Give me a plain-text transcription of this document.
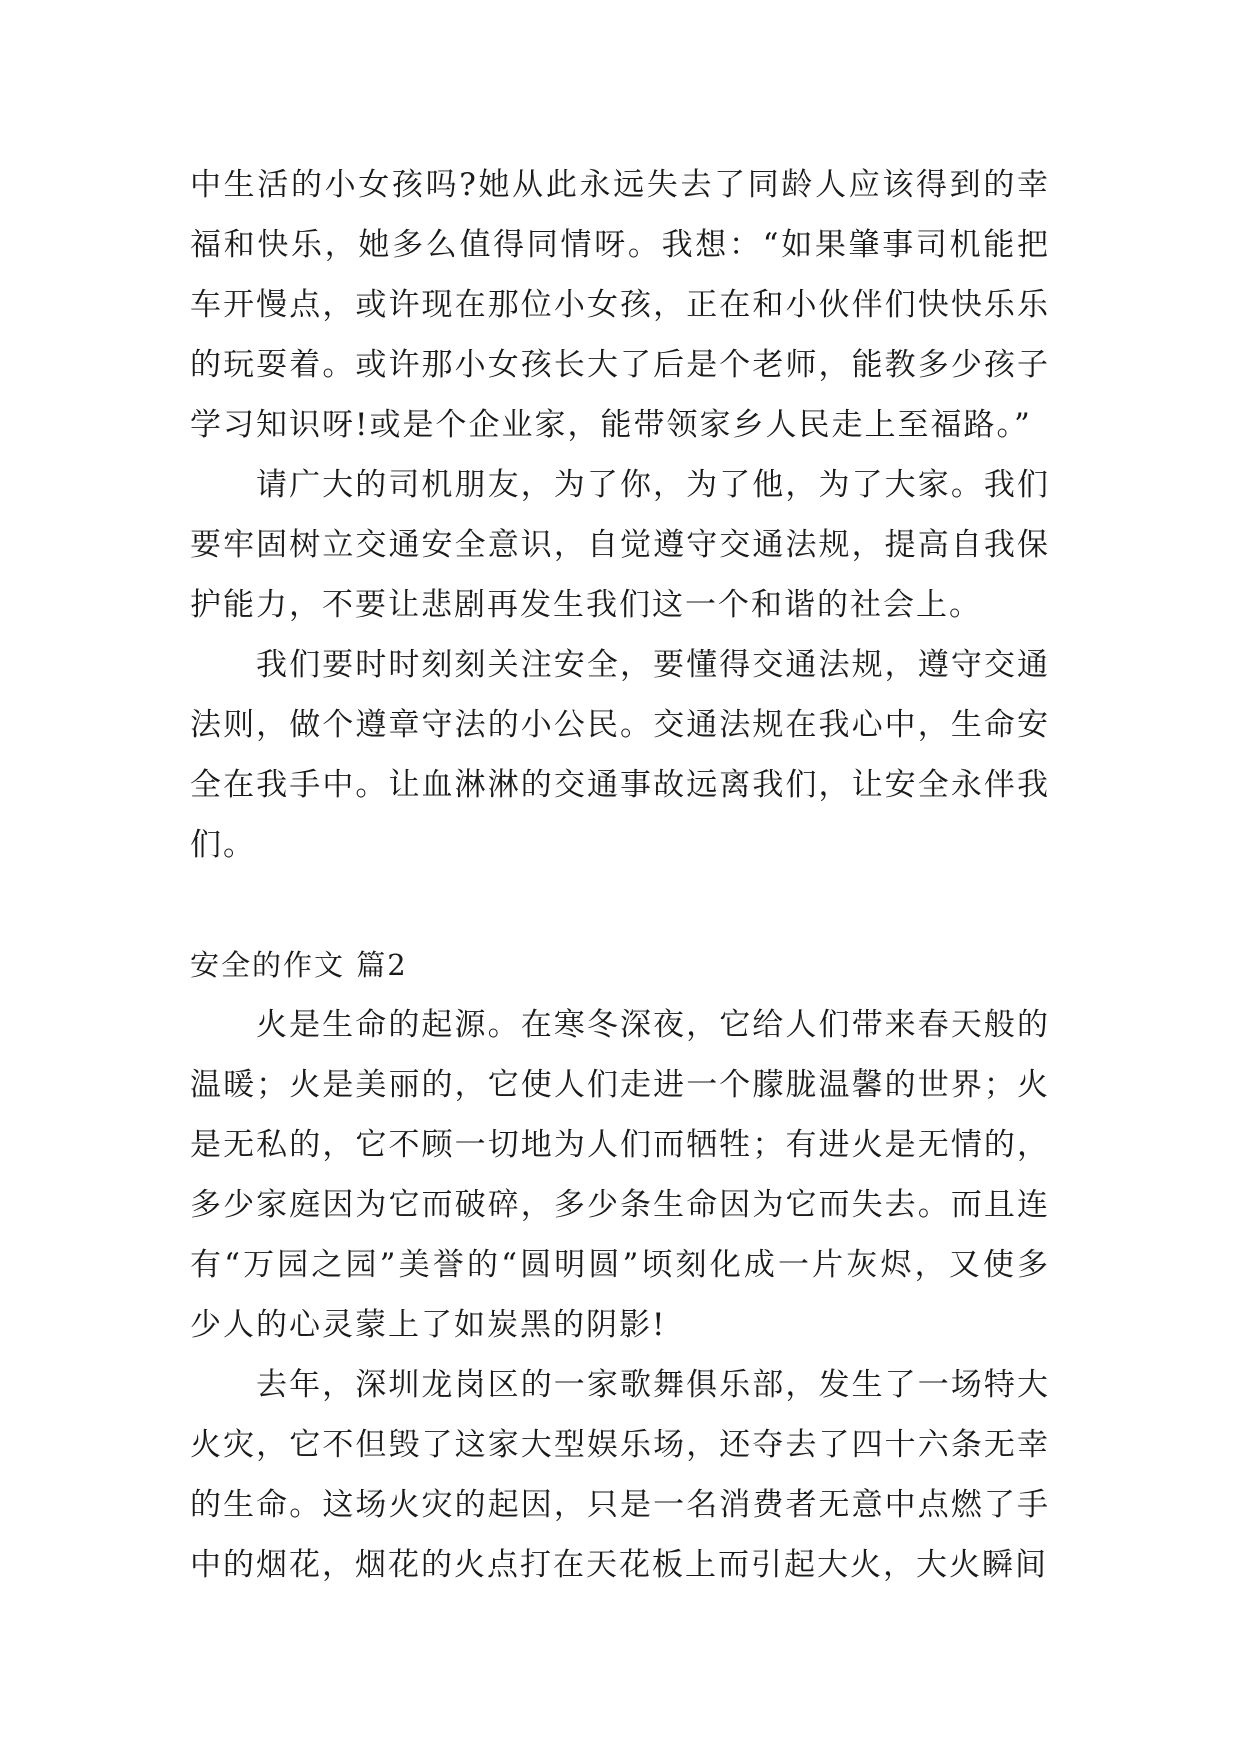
中生活的小女孩吗?她从此永远失去了同龄人应该得到的幸福和快乐，她多么值得同情呀。我想：“如果肇事司机能把车开慢点，或许现在那位小女孩，正在和小伙伴们快快乐乐的玩耍着。或许那小女孩长大了后是个老师，能教多少孩子学习知识呀!或是个企业家，能带领家乡人民走上至福路。”

请广大的司机朋友，为了你，为了他，为了大家。我们要牢固树立交通安全意识，自觉遵守交通法规，提高自我保护能力，不要让悲剧再发生我们这一个和谐的社会上。

我们要时时刻刻关注安全，要懂得交通法规，遵守交通法则，做个遵章守法的小公民。交通法规在我心中，生命安全在我手中。让血淋淋的交通事故远离我们，让安全永伴我们。

安全的作文 篇2

火是生命的起源。在寒冬深夜，它给人们带来春天般的温暖；火是美丽的，它使人们走进一个朦胧温馨的世界；火是无私的，它不顾一切地为人们而牺牲；有进火是无情的，多少家庭因为它而破碎，多少条生命因为它而失去。而且连有“万园之园”美誉的“圆明圆”顷刻化成一片灰烬，又使多少人的心灵蒙上了如炭黑的阴影!

去年，深圳龙岗区的一家歌舞俱乐部，发生了一场特大火灾，它不但毁了这家大型娱乐场，还夺去了四十六条无幸的生命。这场火灾的起因，只是一名消费者无意中点燃了手中的烟花，烟花的火点打在天花板上而引起大火，大火瞬间
